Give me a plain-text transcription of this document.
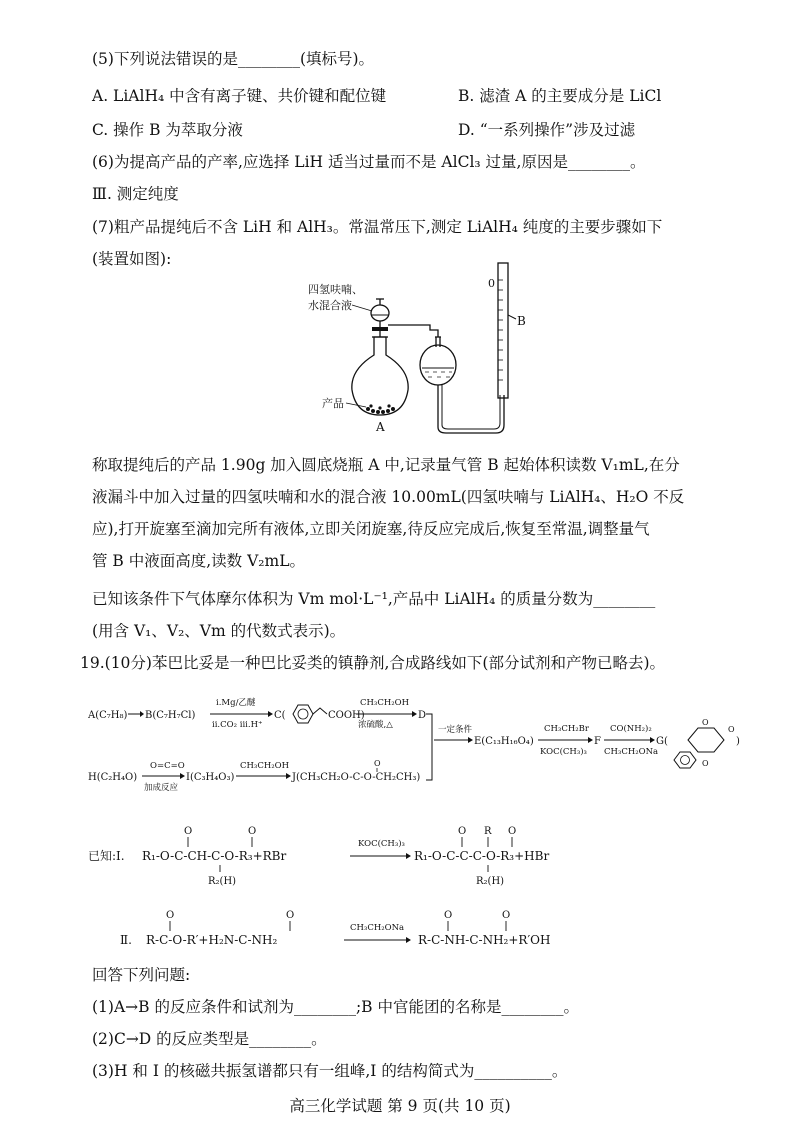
(5)下列说法错误的是________(填标号)。
A. LiAlH₄ 中含有离子键、共价键和配位键	B. 滤渣 A 的主要成分是 LiCl
C. 操作 B 为萃取分液	D. “一系列操作”涉及过滤
(6)为提高产品的产率,应选择 LiH 适当过量而不是 AlCl₃ 过量,原因是________。
Ⅲ. 测定纯度
(7)粗产品提纯后不含 LiH 和 AlH₃。常温常压下,测定 LiAlH₄ 纯度的主要步骤如下
(装置如图):
0
B
四氢呋喃、
水混合液
产品
A
称取提纯后的产品 1.90g 加入圆底烧瓶 A 中,记录量气管 B 起始体积读数 V₁mL,在分
液漏斗中加入过量的四氢呋喃和水的混合液 10.00mL(四氢呋喃与 LiAlH₄、H₂O 不反
应),打开旋塞至滴加完所有液体,立即关闭旋塞,待反应完成后,恢复至常温,调整量气
管 B 中液面高度,读数 V₂mL。
已知该条件下气体摩尔体积为 Vm mol·L⁻¹,产品中 LiAlH₄ 的质量分数为________
(用含 V₁、V₂、Vm 的代数式表示)。
19.(10分)苯巴比妥是一种巴比妥类的镇静剂,合成路线如下(部分试剂和产物已略去)。
A(C₇H₈) B(C₇H₇Cl)
i.Mg/乙醚
ii.CO₂ iii.H⁺
C(	COOH)
CH₃CH₂OH
浓硫酸,△
D
H(C₂H₄O)
O=C=O
加成反应
I(C₃H₄O₃)
CH₃CH₂OH
J(CH₃CH₂O-C-O-CH₂CH₃)
O
一定条件
E(C₁₃H₁₆O₄)
CH₃CH₂Br
KOC(CH₃)₃
F
CO(NH₂)₂
CH₃CH₂ONa
G(
O
O
O
)
已知:Ⅰ. R₁-O-C-CH-C-O-R₃+RBr
O	O
R₂(H)
KOC(CH₃)₃
R₁-O-C-C-C-O-R₃+HBr
O R O
R₂(H)
Ⅱ. R-C-O-R′+H₂N-C-NH₂
O	O
CH₃CH₂ONa
R-C-NH-C-NH₂+R′OH
O	O
回答下列问题:
(1)A→B 的反应条件和试剂为________;B 中官能团的名称是________。
(2)C→D 的反应类型是________。
(3)H 和 I 的核磁共振氢谱都只有一组峰,I 的结构简式为__________。
高三化学试题 第 9 页(共 10 页)
